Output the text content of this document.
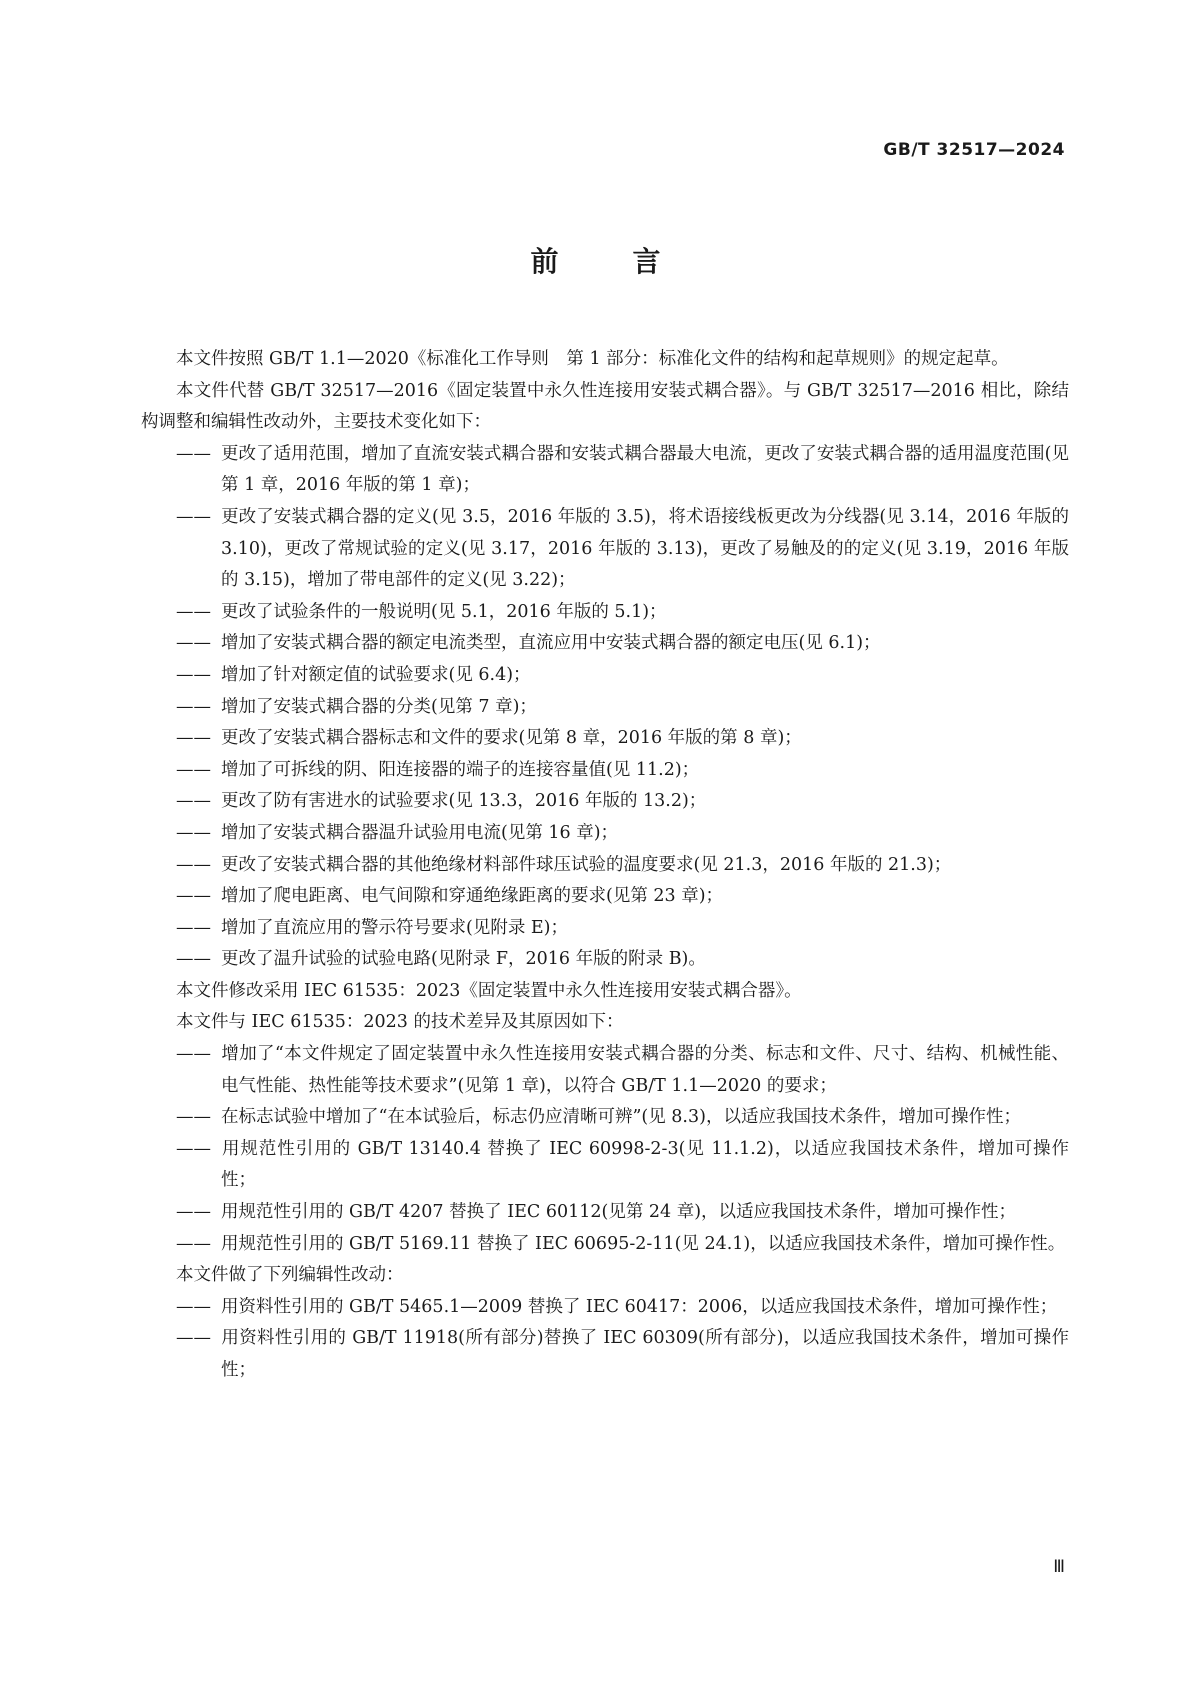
GB/T 32517—2024
前	言

本文件按照 GB/T 1.1—2020《标准化工作导则　第 1 部分：标准化文件的结构和起草规则》的规定起草。

本文件代替 GB/T 32517—2016《固定装置中永久性连接用安装式耦合器》。与 GB/T 32517—2016 相比，除结构调整和编辑性改动外，主要技术变化如下：

—— 更改了适用范围，增加了直流安装式耦合器和安装式耦合器最大电流，更改了安装式耦合器的适用温度范围(见第 1 章，2016 年版的第 1 章)；

—— 更改了安装式耦合器的定义(见 3.5，2016 年版的 3.5)，将术语接线板更改为分线器(见 3.14，2016 年版的 3.10)，更改了常规试验的定义(见 3.17，2016 年版的 3.13)，更改了易触及的的定义(见 3.19，2016 年版的 3.15)，增加了带电部件的定义(见 3.22)；

—— 更改了试验条件的一般说明(见 5.1，2016 年版的 5.1)；

—— 增加了安装式耦合器的额定电流类型，直流应用中安装式耦合器的额定电压(见 6.1)；

—— 增加了针对额定值的试验要求(见 6.4)；

—— 增加了安装式耦合器的分类(见第 7 章)；

—— 更改了安装式耦合器标志和文件的要求(见第 8 章，2016 年版的第 8 章)；

—— 增加了可拆线的阴、阳连接器的端子的连接容量值(见 11.2)；

—— 更改了防有害进水的试验要求(见 13.3，2016 年版的 13.2)；

—— 增加了安装式耦合器温升试验用电流(见第 16 章)；

—— 更改了安装式耦合器的其他绝缘材料部件球压试验的温度要求(见 21.3，2016 年版的 21.3)；

—— 增加了爬电距离、电气间隙和穿通绝缘距离的要求(见第 23 章)；

—— 增加了直流应用的警示符号要求(见附录 E)；

—— 更改了温升试验的试验电路(见附录 F，2016 年版的附录 B)。

本文件修改采用 IEC 61535：2023《固定装置中永久性连接用安装式耦合器》。

本文件与 IEC 61535：2023 的技术差异及其原因如下：

—— 增加了“本文件规定了固定装置中永久性连接用安装式耦合器的分类、标志和文件、尺寸、结构、机械性能、电气性能、热性能等技术要求”(见第 1 章)，以符合 GB/T 1.1—2020 的要求；

—— 在标志试验中增加了“在本试验后，标志仍应清晰可辨”(见 8.3)，以适应我国技术条件，增加可操作性；

—— 用规范性引用的 GB/T 13140.4 替换了 IEC 60998-2-3(见 11.1.2)，以适应我国技术条件，增加可操作性；

—— 用规范性引用的 GB/T 4207 替换了 IEC 60112(见第 24 章)，以适应我国技术条件，增加可操作性；

—— 用规范性引用的 GB/T 5169.11 替换了 IEC 60695-2-11(见 24.1)，以适应我国技术条件，增加可操作性。

本文件做了下列编辑性改动：

—— 用资料性引用的 GB/T 5465.1—2009 替换了 IEC 60417：2006，以适应我国技术条件，增加可操作性；

—— 用资料性引用的 GB/T 11918(所有部分)替换了 IEC 60309(所有部分)，以适应我国技术条件，增加可操作性；

Ⅲ
